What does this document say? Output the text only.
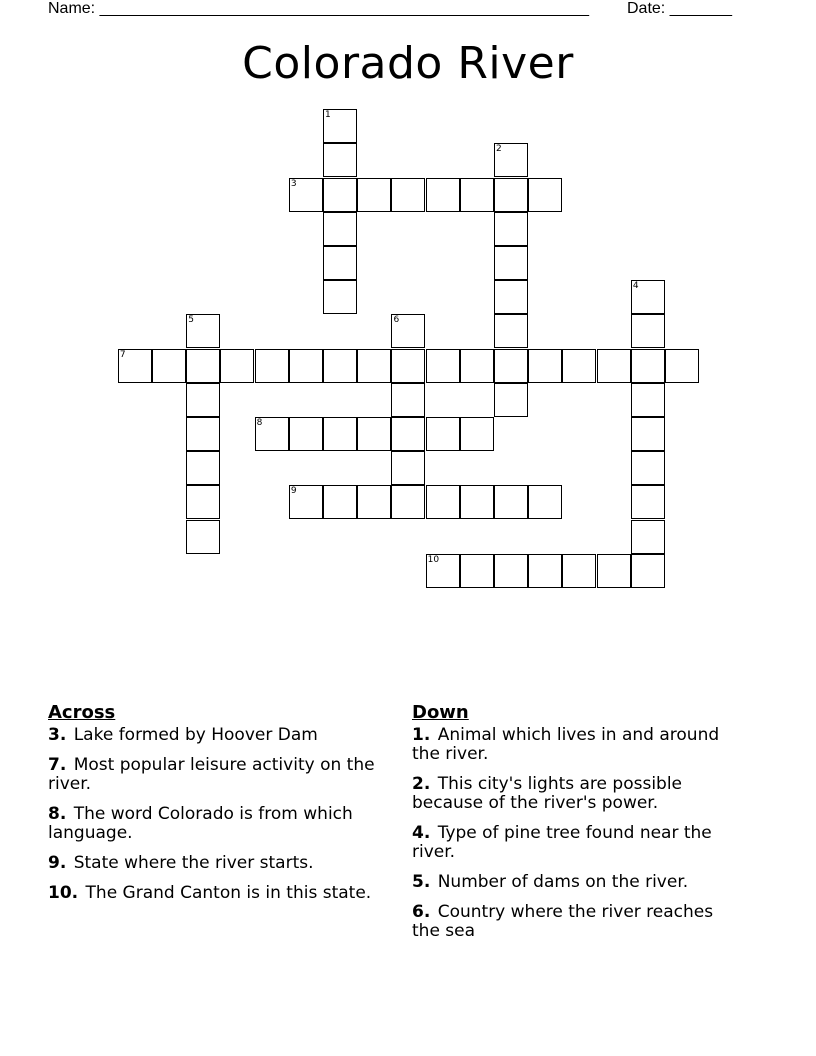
Name: _______________________________________________________	Date: _______
Colorado River
1
2
3
4
5	6
7
8
9
10
Across
3. Lake formed by Hoover Dam
7. Most popular leisure activity on the river.
8. The word Colorado is from which language.
9. State where the river starts.
10. The Grand Canton is in this state.
Down
1. Animal which lives in and around the river.
2. This city's lights are possible because of the river's power.
4. Type of pine tree found near the river.
5. Number of dams on the river.
6. Country where the river reaches the sea
